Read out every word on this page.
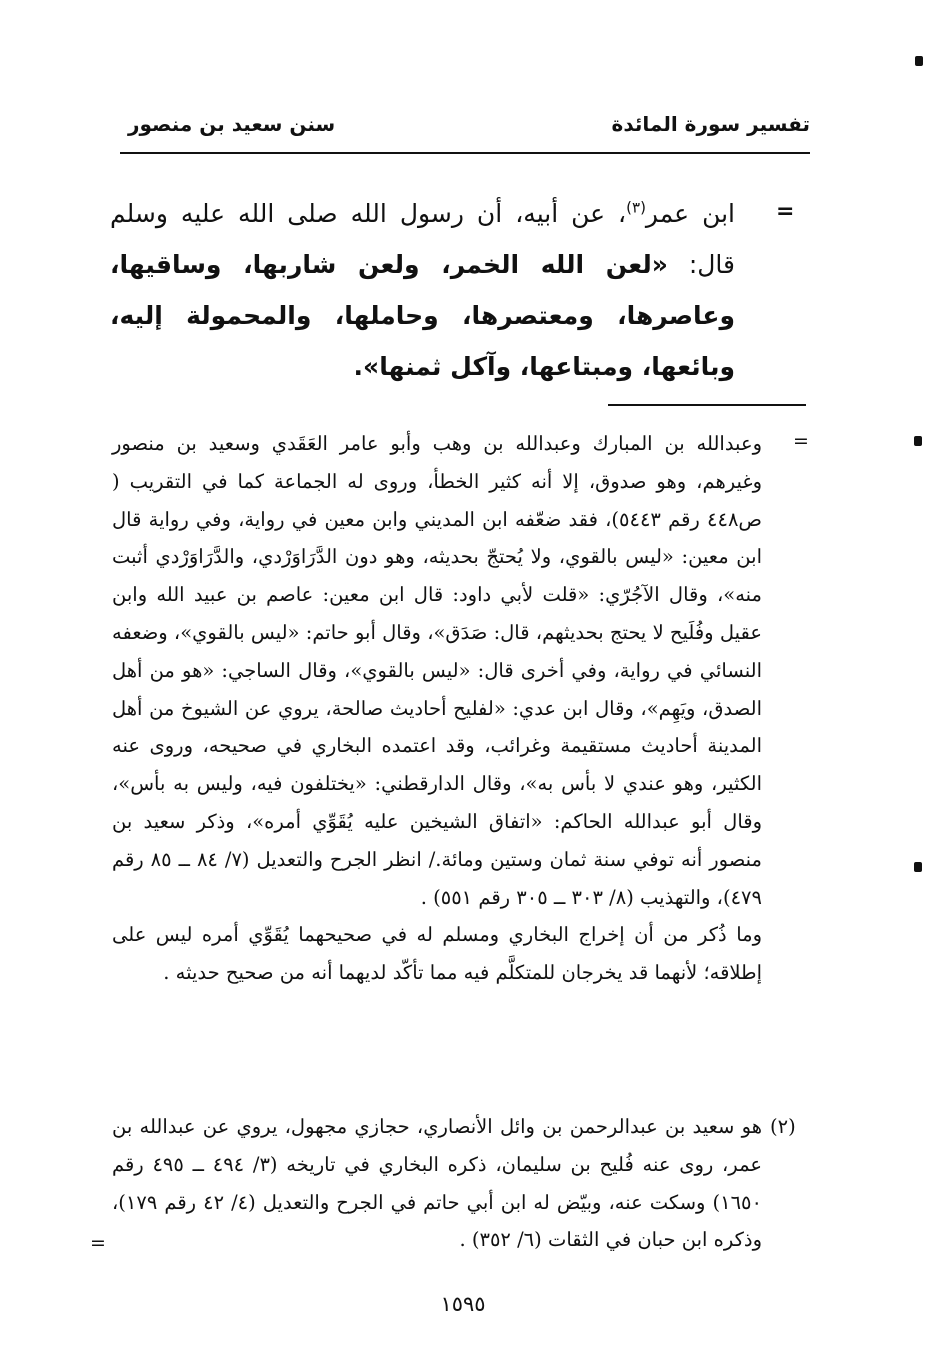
تفسير سورة المائدة
سنن سعيد بن منصور
=
ابن عمر$^{(٣)}$، عن أبيه، أن رسول الله صلى الله عليه وسلم قال: «لعن الله الخمر، ولعن شاربها، وساقيها، وعاصرها، ومعتصرها، وحاملها، والمحمولة إليه، وبائعها، ومبتاعها، وآكل ثمنها».
=

وعبدالله بن المبارك وعبدالله بن وهب وأبو عامر العَقَدي وسعيد بن منصور وغيرهم، وهو صدوق، إلا أنه كثير الخطأ، وروى له الجماعة كما في التقريب ( ص٤٤٨ رقم ٥٤٤٣)، فقد ضعّفه ابن المديني وابن معين في رواية، وفي رواية قال ابن معين: «ليس بالقوي، ولا يُحتجّ بحديثه، وهو دون الدَّرَاوَرْدي، والدَّرَاوَرْدي أثبت منه»، وقال الآجُرّي: «قلت لأبي داود: قال ابن معين: عاصم بن عبيد الله وابن عقيل وفُلَيح لا يحتج بحديثهم، قال: صَدَق»، وقال أبو حاتم: «ليس بالقوي»، وضعفه النسائي في رواية، وفي أخرى قال: «ليس بالقوي»، وقال الساجي: «هو من أهل الصدق، ويَهِم»، وقال ابن عدي: «لفليح أحاديث صالحة، يروي عن الشيوخ من أهل المدينة أحاديث مستقيمة وغرائب، وقد اعتمده البخاري في صحيحه، وروى عنه الكثير، وهو عندي لا بأس به»، وقال الدارقطني: «يختلفون فيه، وليس به بأس»، وقال أبو عبدالله الحاكم: «اتفاق الشيخين عليه يُقَوِّي أمره»، وذكر سعيد بن منصور أنه توفي سنة ثمان وستين ومائة./ انظر الجرح والتعديل (٧/ ٨٤ ــ ٨٥ رقم ٤٧٩)، والتهذيب (٨/ ٣٠٣ ــ ٣٠٥ رقم ٥٥١) .

وما ذُكر من أن إخراج البخاري ومسلم له في صحيحهما يُقَوِّي أمره ليس على إطلاقه؛ لأنهما قد يخرجان للمتكلَّم فيه مما تأكّد لديهما أنه من صحيح حديثه .

(٢)
هو سعيد بن عبدالرحمن بن وائل الأنصاري، حجازي مجهول، يروي عن عبدالله بن عمر، روى عنه فُليح بن سليمان، ذكره البخاري في تاريخه (٣/ ٤٩٤ ــ ٤٩٥ رقم ١٦٥٠) وسكت عنه، وبيّض له ابن أبي حاتم في الجرح والتعديل (٤/ ٤٢ رقم ١٧٩)، وذكره ابن حبان في الثقات (٦/ ٣٥٢) .
=
١٥٩٥
